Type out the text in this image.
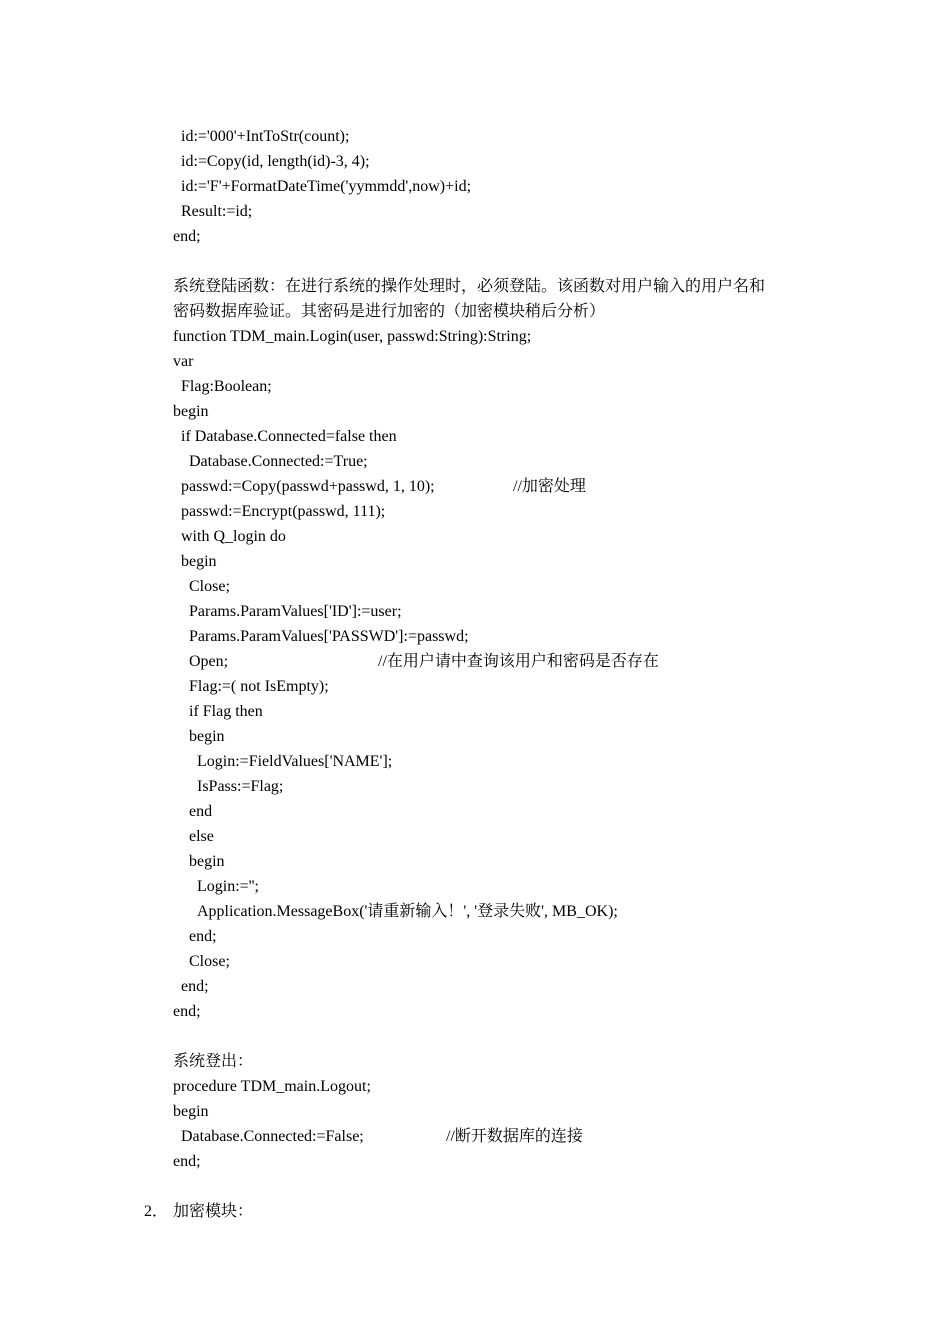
id:='000'+IntToStr(count);
id:=Copy(id, length(id)-3, 4);
id:='F'+FormatDateTime('yymmdd',now)+id;
Result:=id;
end;
系统登陆函数：在进行系统的操作处理时，必须登陆。该函数对用户输入的用户名和
密码数据库验证。其密码是进行加密的（加密模块稍后分析）
function TDM_main.Login(user, passwd:String):String;
var
Flag:Boolean;
begin
if Database.Connected=false then
Database.Connected:=True;
passwd:=Copy(passwd+passwd, 1, 10);	//加密处理
passwd:=Encrypt(passwd, 111);
with Q_login do
begin
Close;
Params.ParamValues['ID']:=user;
Params.ParamValues['PASSWD']:=passwd;
Open;	//在用户请中查询该用户和密码是否存在
Flag:=( not IsEmpty);
if Flag then
begin
Login:=FieldValues['NAME'];
IsPass:=Flag;
end
else
begin
Login:='';
Application.MessageBox('请重新输入！', '登录失败', MB_OK);
end;
Close;
end;
end;
系统登出：
procedure TDM_main.Logout;
begin
Database.Connected:=False;	//断开数据库的连接
end;
2． 加密模块：
